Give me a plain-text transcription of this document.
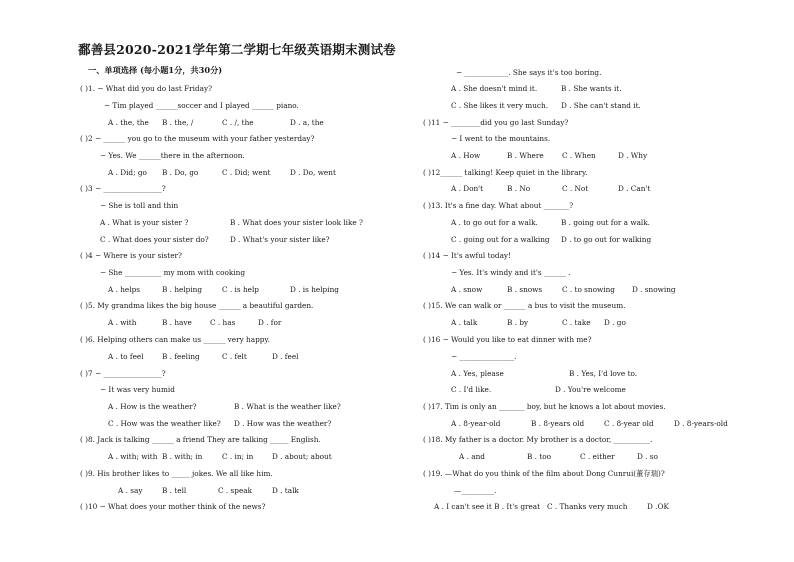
鄱善县2020-2021学年第二学期七年级英语期末测试卷
一、单项选择 (每小题1分，共30分)
( )1. − What did you do last Friday?
− Tim played ______soccer and I played ______ piano.
A . the, the B . the, /	C . /, the	D . a, the
( )2 − ______ you go to the museum with your father yesterday?
− Yes. We ______there in the afternoon.
A . Did; go B . Do, go	C . Did; went	D . Do, went
( )3 − ________________?
− She is toll and thin
A . What is your sister ?	B . What does your sister look like ?
C . What does your sister do?	D . What's your sister like?
( )4 − Where is your sister?
− She __________ my mom with cooking
A . helps	B . helping	C . is help	D . is helping
( )5. My grandma likes the big house ______ a beautiful garden.
A . with	B . have C . has	D . for
( )6. Helping others can make us ______ very happy.
A . to feel	B . feeling	C . felt	D . feel
( )7 − ________________?
− It was very humid
A . How is the weather?	B . What is the weather like?
C . How was the weather like? D . How was the weather?
( )8. Jack is talking ______ a friend They are talking _____ English.
A . with; with B . with; in	C . in; in	D . about; about
( )9. His brother likes to _____ jokes. We all like him.
A . say	B . tell	C . speak	D . talk
( )10 − What does your mother think of the news?
− ____________. She says it's too boring.
A . She doesn't mind it.	B . She wants it.
C . She likes it very much. D . She can't stand it.
( )11 − ________did you go last Sunday?
− I went to the mountains.
A . How	B . Where	C . When	D . Why
( )12______ talking! Keep quiet in the library.
A . Don't	B . No	C . Not	D . Can't
( )13. It's a fine day. What about _______?
A . to go out for a walk.	B . going out for a walk.
C . going out for a walking D . to go out for walking
( )14 − It's awful today!
− Yes. It's windy and it's ______ .
A . snow	B . snows	C . to snowing D . snowing
( )15. We can walk or ______ a bus to visit the museum.
A . talk	B . by	C . take D . go
( )16 − Would you like to eat dinner with me?
− _______________.
A . Yes, please	B . Yes, I'd love to.
C . I'd like.	D . You're welcome
( )17. Tim is only an _______ boy, but he knows a lot about movies.
A . 8-year-old	B . 8-years old	C . 8-year old	D . 8-years-old
( )18. My father is a doctor. My brother is a doctor, __________.
A . and	B . too	C . either	D . so
( )19. —What do you think of the film about Dong Cunrui(董存瑞)?
—_________.
A . I can't see it B . It's great C . Thanks very much	D .OK
